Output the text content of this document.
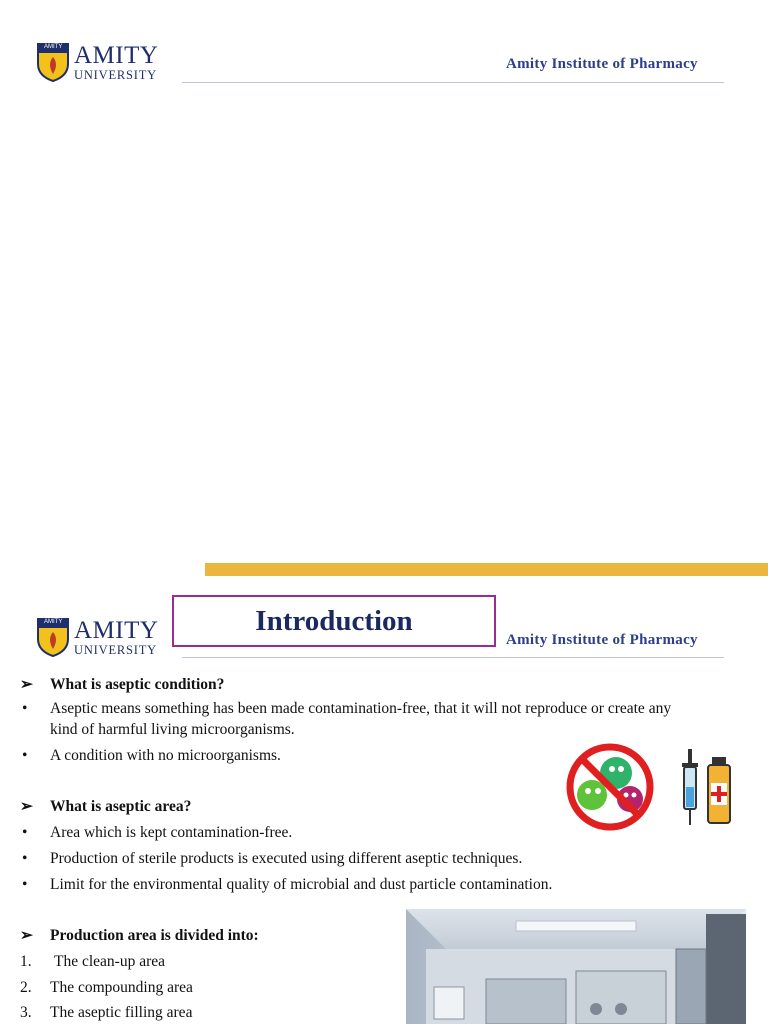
AMITY AMITY
UNIVERSITY
Amity Institute of Pharmacy
AMITY AMITY
UNIVERSITY
Introduction
Amity Institute of Pharmacy
➢ What is aseptic condition?
• Aseptic means something has been made contamination-free, that it will not reproduce or create any
kind of harmful living microorganisms.
• A condition with no microorganisms.
➢ What is aseptic area?
• Area which is kept contamination-free.
• Production of sterile products is executed using different aseptic techniques.
• Limit for the environmental quality of microbial and dust particle contamination.
➢ Production area is divided into:
1. The clean-up area
2. The compounding area
3. The aseptic filling area
